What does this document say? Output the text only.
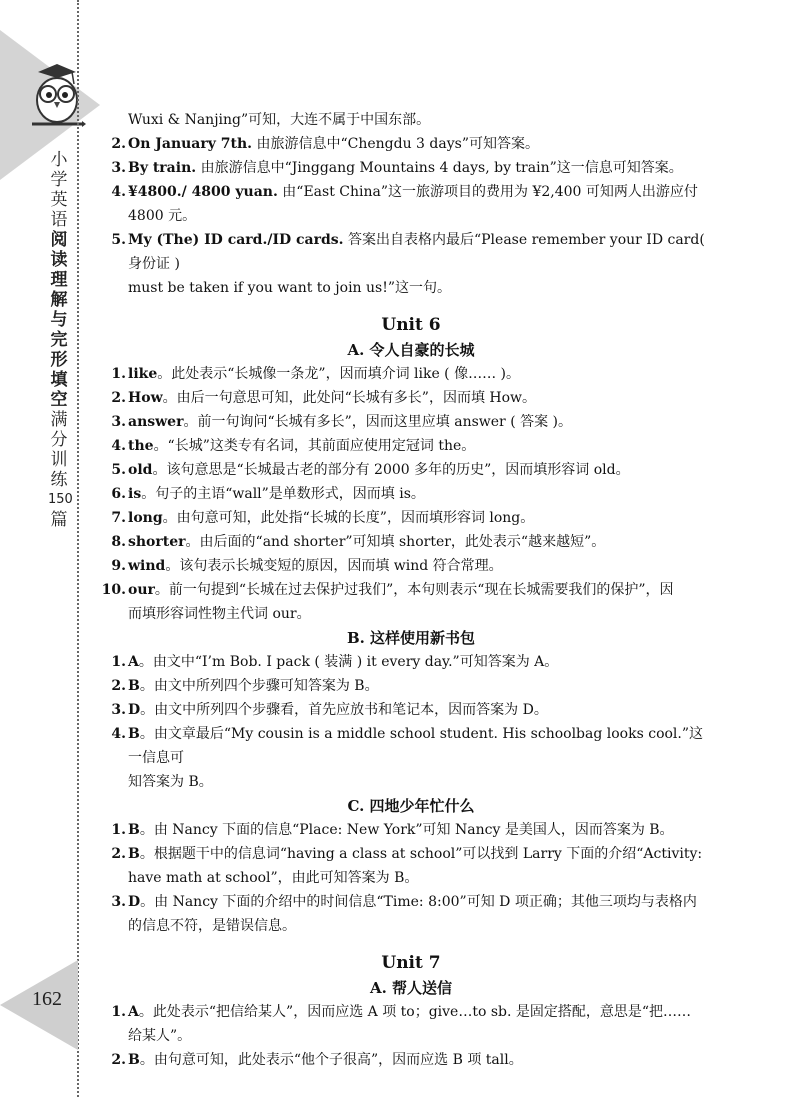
小
学
英
语
阅
读
理
解
与
完
形
填
空
满
分
训
练
150
篇
162
Wuxi & Nanjing”可知，大连不属于中国东部。
2. On January 7th. 由旅游信息中“Chengdu 3 days”可知答案。
3. By train. 由旅游信息中“Jinggang Mountains 4 days, by train”这一信息可知答案。
4. ¥4800./ 4800 yuan. 由“East China”这一旅游项目的费用为 ¥2,400 可知两人出游应付 4800 元。
5. My (The) ID card./ID cards. 答案出自表格内最后“Please remember your ID card( 身份证 )
must be taken if you want to join us!”这一句。
Unit 6
A. 令人自豪的长城
1. like。此处表示“长城像一条龙”，因而填介词 like ( 像…… )。
2. How。由后一句意思可知，此处问“长城有多长”，因而填 How。
3. answer。前一句询问“长城有多长”，因而这里应填 answer ( 答案 )。
4. the。“长城”这类专有名词，其前面应使用定冠词 the。
5. old。该句意思是“长城最古老的部分有 2000 多年的历史”，因而填形容词 old。
6. is。句子的主语“wall”是单数形式，因而填 is。
7. long。由句意可知，此处指“长城的长度”，因而填形容词 long。
8. shorter。由后面的“and shorter”可知填 shorter，此处表示“越来越短”。
9. wind。该句表示长城变短的原因，因而填 wind 符合常理。
10. our。前一句提到“长城在过去保护过我们”，本句则表示“现在长城需要我们的保护”，因
而填形容词性物主代词 our。
B. 这样使用新书包
1. A。由文中“I’m Bob. I pack ( 装满 ) it every day.”可知答案为 A。
2. B。由文中所列四个步骤可知答案为 B。
3. D。由文中所列四个步骤看，首先应放书和笔记本，因而答案为 D。
4. B。由文章最后“My cousin is a middle school student. His schoolbag looks cool.”这一信息可
知答案为 B。
C. 四地少年忙什么
1. B。由 Nancy 下面的信息“Place: New York”可知 Nancy 是美国人，因而答案为 B。
2. B。根据题干中的信息词“having a class at school”可以找到 Larry 下面的介绍“Activity:
have math at school”，由此可知答案为 B。
3. D。由 Nancy 下面的介绍中的时间信息“Time: 8:00”可知 D 项正确；其他三项均与表格内
的信息不符，是错误信息。
Unit 7
A. 帮人送信
1. A。此处表示“把信给某人”，因而应选 A 项 to；give…to sb. 是固定搭配，意思是“把……
给某人”。
2. B。由句意可知，此处表示“他个子很高”，因而应选 B 项 tall。
